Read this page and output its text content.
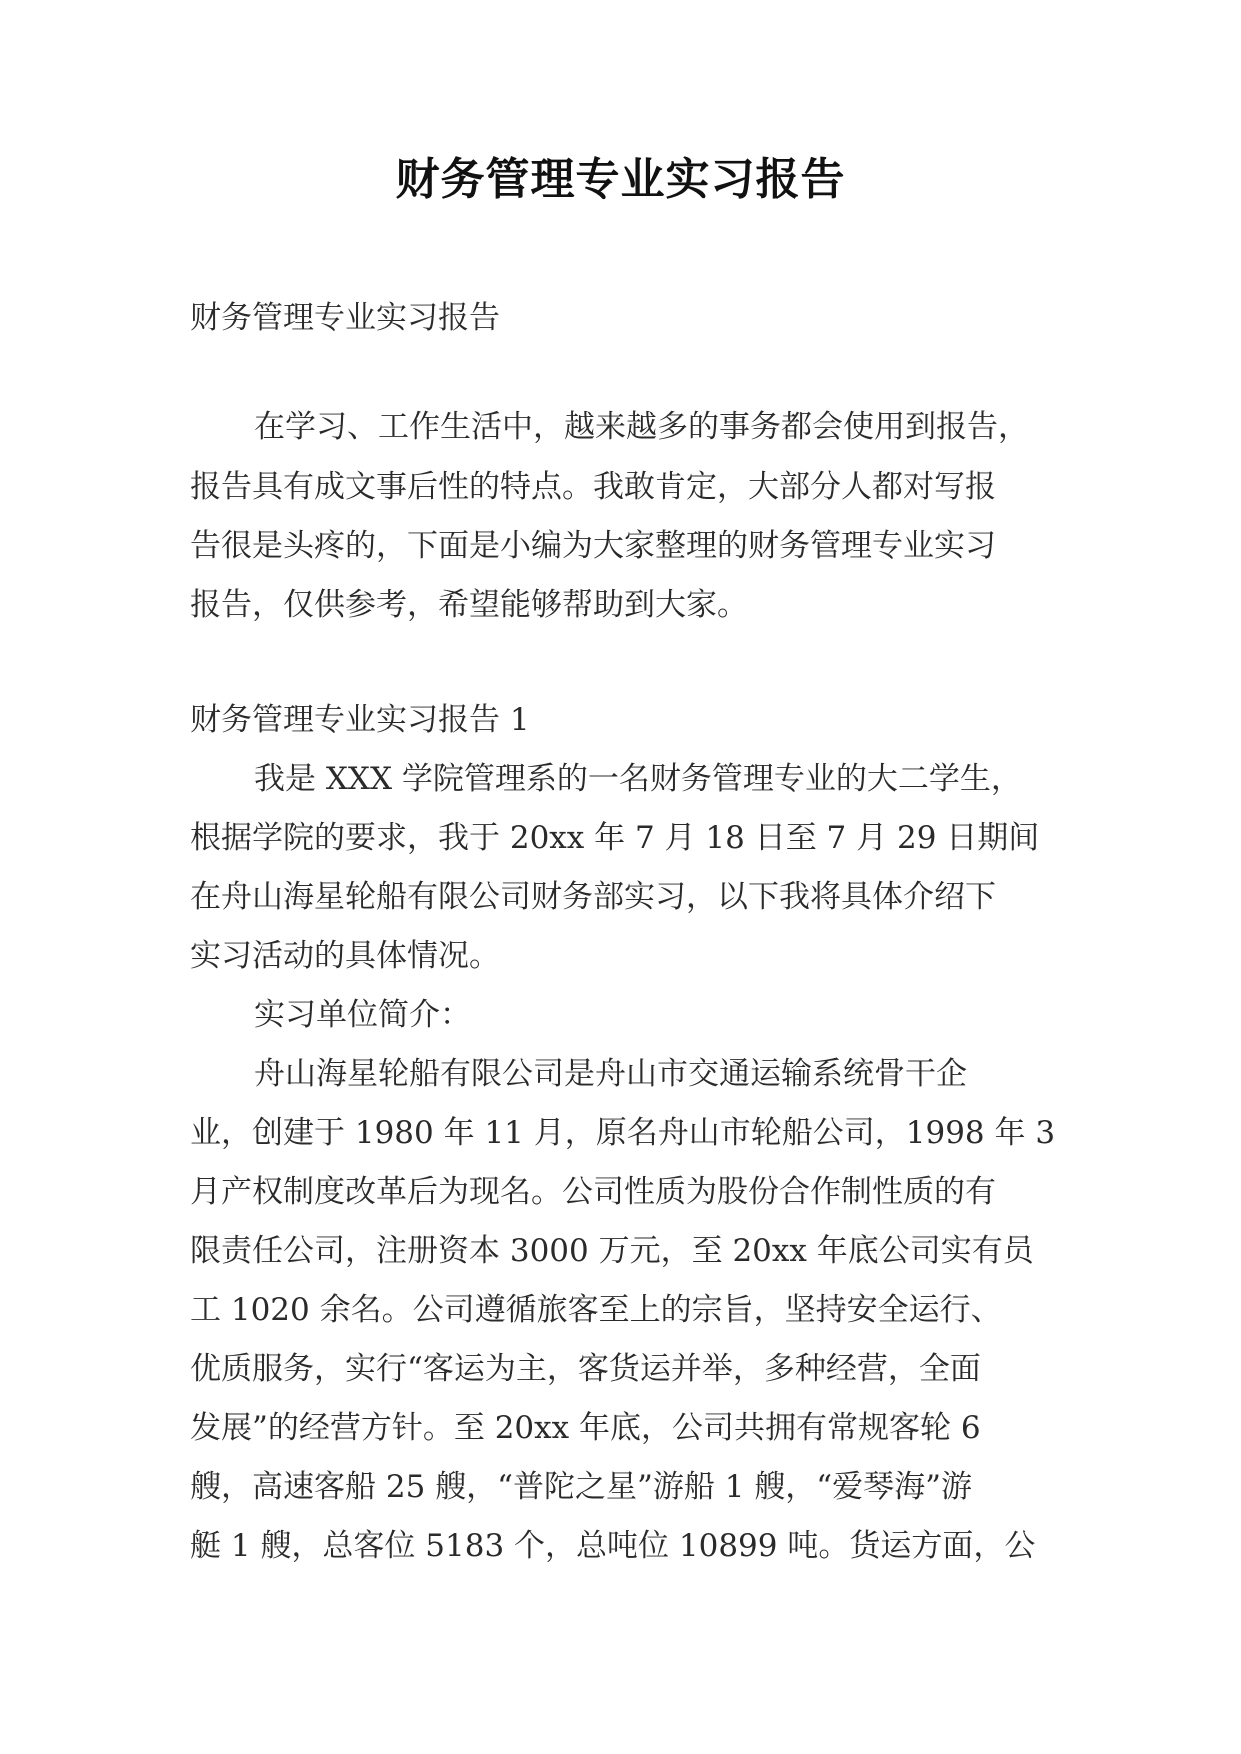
财务管理专业实习报告
财务管理专业实习报告
在学习、工作生活中，越来越多的事务都会使用到报告，
报告具有成文事后性的特点。我敢肯定，大部分人都对写报
告很是头疼的，下面是小编为大家整理的财务管理专业实习
报告，仅供参考，希望能够帮助到大家。
财务管理专业实习报告 1
我是 XXX 学院管理系的一名财务管理专业的大二学生，
根据学院的要求，我于 20xx 年 7 月 18 日至 7 月 29 日期间
在舟山海星轮船有限公司财务部实习，以下我将具体介绍下
实习活动的具体情况。
实习单位简介：
舟山海星轮船有限公司是舟山市交通运输系统骨干企
业，创建于 1980 年 11 月，原名舟山市轮船公司，1998 年 3
月产权制度改革后为现名。公司性质为股份合作制性质的有
限责任公司，注册资本 3000 万元，至 20xx 年底公司实有员
工 1020 余名。公司遵循旅客至上的宗旨，坚持安全运行、
优质服务，实行“客运为主，客货运并举，多种经营，全面
发展”的经营方针。至 20xx 年底，公司共拥有常规客轮 6
艘，高速客船 25 艘，“普陀之星”游船 1 艘，“爱琴海”游
艇 1 艘，总客位 5183 个，总吨位 10899 吨。货运方面，公
